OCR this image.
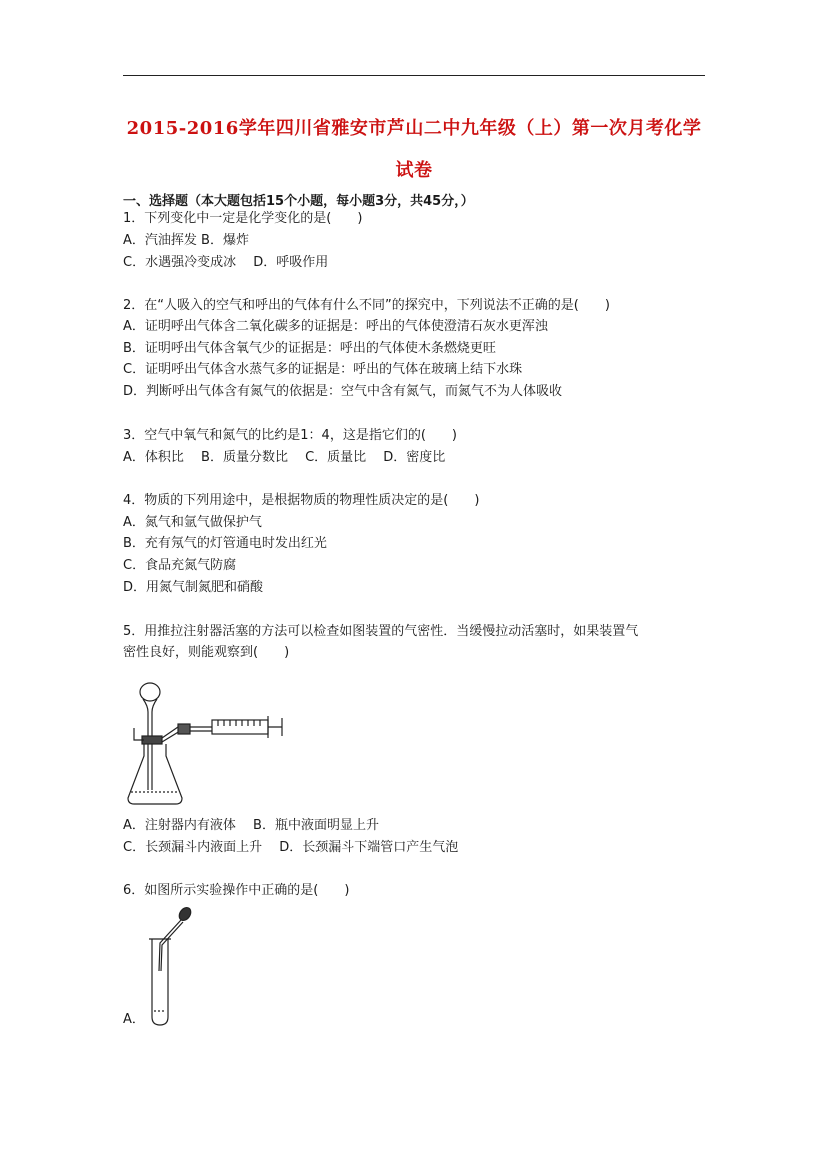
2015-2016学年四川省雅安市芦山二中九年级（上）第一次月考化学
试卷
一、选择题（本大题包括15个小题，每小题3分，共45分，）
1．下列变化中一定是化学变化的是(　　)
A．汽油挥发 B．爆炸
C．水遇强冷变成冰　 D．呼吸作用
2．在“人吸入的空气和呼出的气体有什么不同”的探究中，下列说法不正确的是(　　)
A．证明呼出气体含二氧化碳多的证据是：呼出的气体使澄清石灰水更浑浊
B．证明呼出气体含氧气少的证据是：呼出的气体使木条燃烧更旺
C．证明呼出气体含水蒸气多的证据是：呼出的气体在玻璃上结下水珠
D．判断呼出气体含有氮气的依据是：空气中含有氮气，而氮气不为人体吸收
3．空气中氧气和氮气的比约是1：4，这是指它们的(　　)
A．体积比　 B．质量分数比　 C．质量比　 D．密度比
4．物质的下列用途中，是根据物质的物理性质决定的是(　　)
A．氮气和氩气做保护气
B．充有氖气的灯管通电时发出红光
C．食品充氮气防腐
D．用氮气制氮肥和硝酸
5．用推拉注射器活塞的方法可以检查如图装置的气密性．当缓慢拉动活塞时，如果装置气
密性良好，则能观察到(　　)
A．注射器内有液体　 B．瓶中液面明显上升
C．长颈漏斗内液面上升　 D．长颈漏斗下端管口产生气泡
6．如图所示实验操作中正确的是(　　)
A．
